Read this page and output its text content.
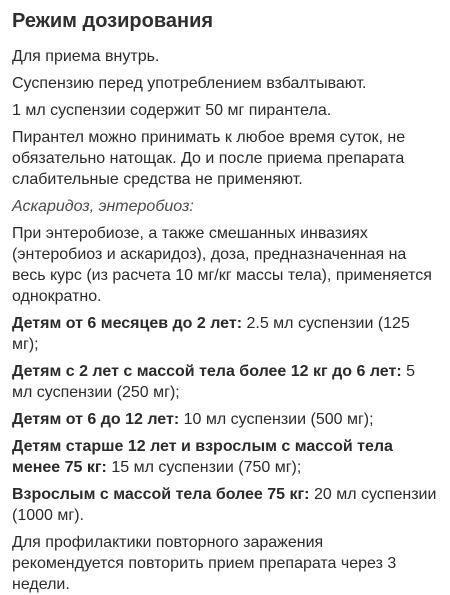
Режим дозирования

Для приема внутрь.

Суспензию перед употреблением взбалтывают.

1 мл суспензии содержит 50 мг пирантела.

Пирантел можно принимать к любое время суток, не обязательно натощак. До и после приема препарата слабительные средства не применяют.

Аскаридоз, энтеробиоз:

При энтеробиозе, а также смешанных инвазиях (энтеробиоз и аскаридоз), доза, предназначенная на весь курс (из расчета 10 мг/кг массы тела), применяется однократно.

Детям от 6 месяцев до 2 лет: 2.5 мл суспензии (125 мг);

Детям с 2 лет с массой тела более 12 кг до 6 лет: 5 мл суспензии (250 мг);

Детям от 6 до 12 лет: 10 мл суспензии (500 мг);

Детям старше 12 лет и взрослым с массой тела менее 75 кг: 15 мл суспензии (750 мг);

Взрослым с массой тела более 75 кг: 20 мл суспензии (1000 мг).

Для профилактики повторного заражения рекомендуется повторить прием препарата через 3 недели.
